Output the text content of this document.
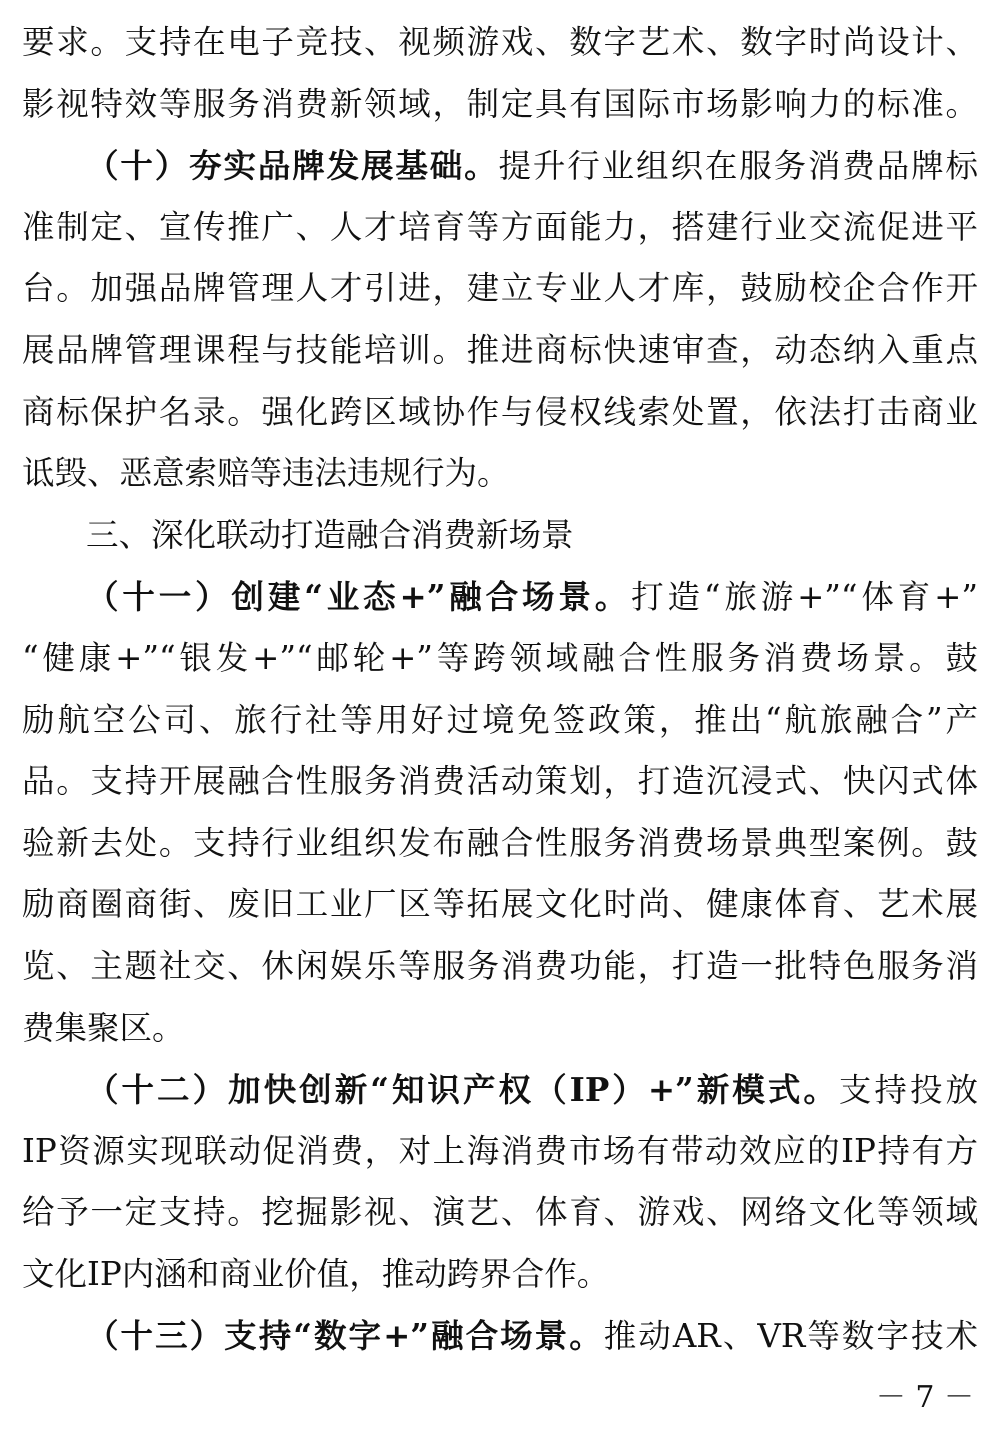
要求。支持在电子竞技、视频游戏、数字艺术、数字时尚设计、
影视特效等服务消费新领域，制定具有国际市场影响力的标准。
（十）夯实品牌发展基础。提升行业组织在服务消费品牌标
准制定、宣传推广、人才培育等方面能力，搭建行业交流促进平
台。加强品牌管理人才引进，建立专业人才库，鼓励校企合作开
展品牌管理课程与技能培训。推进商标快速审查，动态纳入重点
商标保护名录。强化跨区域协作与侵权线索处置，依法打击商业
诋毁、恶意索赔等违法违规行为。
三、深化联动打造融合消费新场景
（十一）创建“业态+”融合场景。打造“旅游+”“体育+”
“健康+”“银发+”“邮轮+”等跨领域融合性服务消费场景。鼓
励航空公司、旅行社等用好过境免签政策，推出“航旅融合”产
品。支持开展融合性服务消费活动策划，打造沉浸式、快闪式体
验新去处。支持行业组织发布融合性服务消费场景典型案例。鼓
励商圈商街、废旧工业厂区等拓展文化时尚、健康体育、艺术展
览、主题社交、休闲娱乐等服务消费功能，打造一批特色服务消
费集聚区。
（十二）加快创新“知识产权（IP）+”新模式。支持投放
IP资源实现联动促消费，对上海消费市场有带动效应的IP持有方
给予一定支持。挖掘影视、演艺、体育、游戏、网络文化等领域
文化IP内涵和商业价值，推动跨界合作。
（十三）支持“数字+”融合场景。推动AR、VR等数字技术
－ 7 －
